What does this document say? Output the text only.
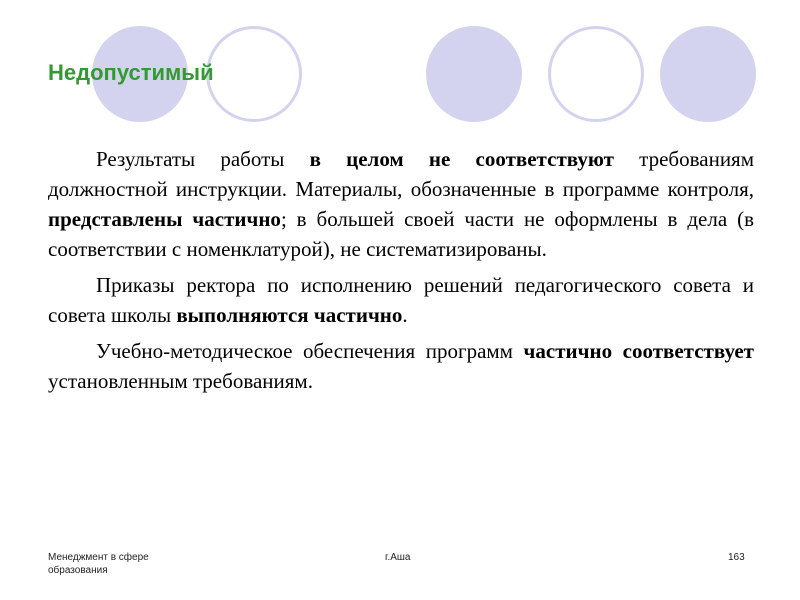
Недопустимый

Результаты работы в целом не соответствуют требованиям должностной инструкции. Материалы, обозначенные в программе контроля, представлены частично; в большей своей части не оформлены в дела (в соответствии с номенклатурой), не систематизированы.

Приказы ректора по исполнению решений педагогического совета и совета школы выполняются частично.

Учебно-методическое обеспечения программ частично соответствует установленным требованиям.

Менеджмент в сфере образования
г.Аша	163
